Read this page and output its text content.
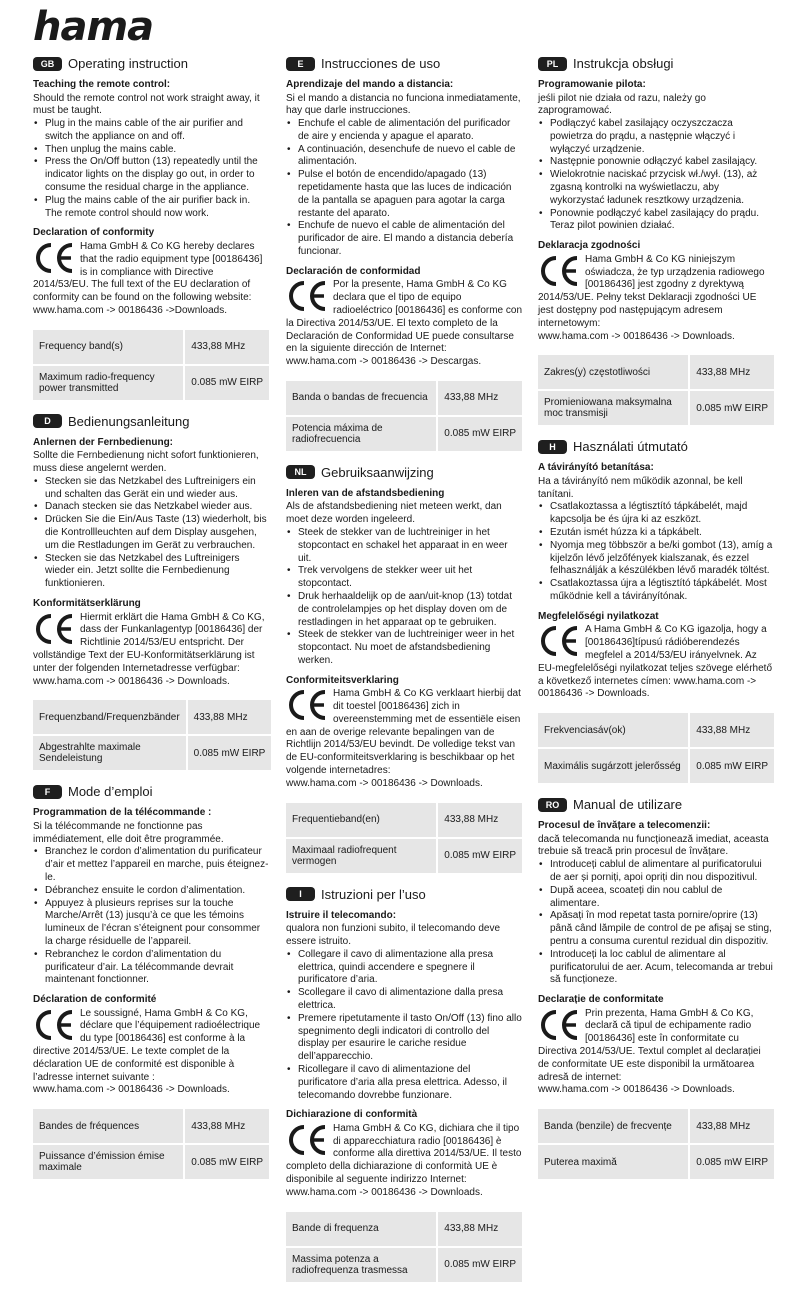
hama
GB	Operating instruction
Teaching the remote control:
Should the remote control not work straight away, it must be taught.
• Plug in the mains cable of the air purifier and switch the appliance on and off.
• Then unplug the mains cable.
• Press the On/Off button (13) repeatedly until the indicator lights on the display go out, in order to consume the residual charge in the appliance.
• Plug the mains cable of the air purifier back in. The remote control should now work.
Declaration of conformity
Hama GmbH & Co KG hereby declares that the radio equipment type [00186436] is in compliance with Directive 2014/53/EU. The full text of the EU declaration of conformity can be found on the following website:
www.hama.com -> 00186436 ->Downloads.
Frequency band(s)	433,88 MHz
Maximum radio-frequency power transmitted	0.085 mW EIRP
D	Bedienungsanleitung
Anlernen der Fernbedienung:
Sollte die Fernbedienung nicht sofort funktionieren, muss diese angelernt werden.
• Stecken sie das Netzkabel des Luftreinigers ein und schalten das Gerät ein und wieder aus.
• Danach stecken sie das Netzkabel wieder aus.
• Drücken Sie die Ein/Aus Taste (13) wiederholt, bis die Kontrollleuchten auf dem Display ausgehen, um die Restladungen im Gerät zu verbrauchen.
• Stecken sie das Netzkabel des Luftreinigers wieder ein. Jetzt sollte die Fernbedienung funktionieren.
Konformitätserklärung
Hiermit erklärt die Hama GmbH & Co KG, dass der Funkanlagentyp [00186436] der Richtlinie 2014/53/EU entspricht. Der vollständige Text der EU-Konformitätserklärung ist unter der folgenden Internetadresse verfügbar:
www.hama.com -> 00186436 -> Downloads.
Frequenzband/Frequenzbänder	433,88 MHz
Abgestrahlte maximale Sendeleistung	0.085 mW EIRP
F	Mode d’emploi
Programmation de la télécommande :
Si la télécommande ne fonctionne pas immédiatement, elle doit être programmée.
• Branchez le cordon d’alimentation du purificateur d’air et mettez l’appareil en marche, puis éteignez-le.
• Débranchez ensuite le cordon d’alimentation.
• Appuyez à plusieurs reprises sur la touche Marche/Arrêt (13) jusqu’à ce que les témoins lumineux de l’écran s’éteignent pour consommer la charge résiduelle de l’appareil.
• Rebranchez le cordon d’alimentation du purificateur d’air. La télécommande devrait maintenant fonctionner.
Déclaration de conformité
Le soussigné, Hama GmbH & Co KG, déclare que l’équipement radioélectrique du type [00186436] est conforme à la directive 2014/53/UE. Le texte complet de la déclaration UE de conformité est disponible à l’adresse internet suivante :
www.hama.com -> 00186436 -> Downloads.
Bandes de fréquences	433,88 MHz
Puissance d’émission émise maximale	0.085 mW EIRP
E	Instrucciones de uso
Aprendizaje del mando a distancia:
Si el mando a distancia no funciona inmediatamente, hay que darle instrucciones.
• Enchufe el cable de alimentación del purificador de aire y encienda y apague el aparato.
• A continuación, desenchufe de nuevo el cable de alimentación.
• Pulse el botón de encendido/apagado (13) repetidamente hasta que las luces de indicación de la pantalla se apaguen para agotar la carga restante del aparato.
• Enchufe de nuevo el cable de alimentación del purificador de aire. El mando a distancia debería funcionar.
Declaración de conformidad
Por la presente, Hama GmbH & Co KG declara que el tipo de equipo radioeléctrico [00186436] es conforme con la Directiva 2014/53/UE. El texto completo de la Declaración de Conformidad UE puede consultarse en la siguiente dirección de Internet:
www.hama.com -> 00186436 -> Descargas.
Banda o bandas de frecuencia	433,88 MHz
Potencia máxima de radiofrecuencia	0.085 mW EIRP
NL	Gebruiksaanwijzing
Inleren van de afstandsbediening
Als de afstandsbediening niet meteen werkt, dan moet deze worden ingeleerd.
• Steek de stekker van de luchtreiniger in het stopcontact en schakel het apparaat in en weer uit.
• Trek vervolgens de stekker weer uit het stopcontact.
• Druk herhaaldelijk op de aan/uit-knop (13) totdat de controlelampjes op het display doven om de restladingen in het apparaat op te gebruiken.
• Steek de stekker van de luchtreiniger weer in het stopcontact. Nu moet de afstandsbediening werken.
Conformiteitsverklaring
Hama GmbH & Co KG verklaart hierbij dat dit toestel [00186436] zich in overeenstemming met de essentiële eisen en aan de overige relevante bepalingen van de Richtlijn 2014/53/EU bevindt. De volledige tekst van de EU-conformiteitsverklaring is beschikbaar op het volgende internetadres:
www.hama.com -> 00186436 -> Downloads.
Frequentieband(en)	433,88 MHz
Maximaal radiofrequent vermogen	0.085 mW EIRP
I	Istruzioni per l’uso
Istruire il telecomando:
qualora non funzioni subito, il telecomando deve essere istruito.
• Collegare il cavo di alimentazione alla presa elettrica, quindi accendere e spegnere il purificatore d’aria.
• Scollegare il cavo di alimentazione dalla presa elettrica.
• Premere ripetutamente il tasto On/Off (13) fino allo spegnimento degli indicatori di controllo del display per esaurire le cariche residue dell’apparecchio.
• Ricollegare il cavo di alimentazione del purificatore d’aria alla presa elettrica. Adesso, il telecomando dovrebbe funzionare.
Dichiarazione di conformità
Hama GmbH & Co KG, dichiara che il tipo di apparecchiatura radio [00186436] è conforme alla direttiva 2014/53/UE. Il testo completo della dichiarazione di conformità UE è disponibile al seguente indirizzo Internet: www.hama.com -> 00186436 -> Downloads.
Bande di frequenza	433,88 MHz
Massima potenza a radiofrequenza trasmessa	0.085 mW EIRP
PL	Instrukcja obsługi
Programowanie pilota:
jeśli pilot nie działa od razu, należy go zaprogramować.
• Podłączyć kabel zasilający oczyszczacza powietrza do prądu, a następnie włączyć i wyłączyć urządzenie.
• Następnie ponownie odłączyć kabel zasilający.
• Wielokrotnie naciskać przycisk wł./wył. (13), aż zgasną kontrolki na wyświetlaczu, aby wykorzystać ładunek resztkowy urządzenia.
• Ponownie podłączyć kabel zasilający do prądu. Teraz pilot powinien działać.
Deklaracja zgodności
Hama GmbH & Co KG niniejszym oświadcza, że typ urządzenia radiowego [00186436] jest zgodny z dyrektywą 2014/53/UE. Pełny tekst Deklaracji zgodności UE jest dostępny pod następującym adresem internetowym:
www.hama.com -> 00186436 -> Downloads.
Zakres(y) częstotliwości	433,88 MHz
Promieniowana maksymalna moc transmisji	0.085 mW EIRP
H	Használati útmutató
A távirányító betanítása:
Ha a távirányító nem működik azonnal, be kell tanítani.
• Csatlakoztassa a légtisztító tápkábelét, majd kapcsolja be és újra ki az eszközt.
• Ezután ismét húzza ki a tápkábelt.
• Nyomja meg többször a be/ki gombot (13), amíg a kijelzőn lévő jelzőfények kialszanak, és ezzel felhasználják a készülékben lévő maradék töltést.
• Csatlakoztassa újra a légtisztító tápkábelét. Most működnie kell a távirányítónak.
Megfelelőségi nyilatkozat
A Hama GmbH & Co KG igazolja, hogy a [00186436]típusú rádióberendezés megfelel a 2014/53/EU irányelvnek. Az EU-megfelelőségi nyilatkozat teljes szövege elérhető a következő internetes címen: www.hama.com -> 00186436 -> Downloads.
Frekvenciasáv(ok)	433,88 MHz
Maximális sugárzott jelerősség	0.085 mW EIRP
RO	Manual de utilizare
Procesul de învățare a telecomenzii:
dacă telecomanda nu funcționează imediat, aceasta trebuie să treacă prin procesul de învățare.
• Introduceți cablul de alimentare al purificatorului de aer și porniți, apoi opriți din nou dispozitivul.
• După aceea, scoateți din nou cablul de alimentare.
• Apăsați în mod repetat tasta pornire/oprire (13) până când lămpile de control de pe afișaj se sting, pentru a consuma curentul rezidual din dispozitiv.
• Introduceți la loc cablul de alimentare al purificatorului de aer. Acum, telecomanda ar trebui să funcționeze.
Declarație de conformitate
Prin prezenta, Hama GmbH & Co KG, declară că tipul de echipamente radio [00186436] este în conformitate cu Directiva 2014/53/UE. Textul complet al declarației de conformitate UE este disponibil la următoarea adresă de internet:
www.hama.com -> 00186436 -> Downloads.
Banda (benzile) de frecvențe	433,88 MHz
Puterea maximă	0.085 mW EIRP
